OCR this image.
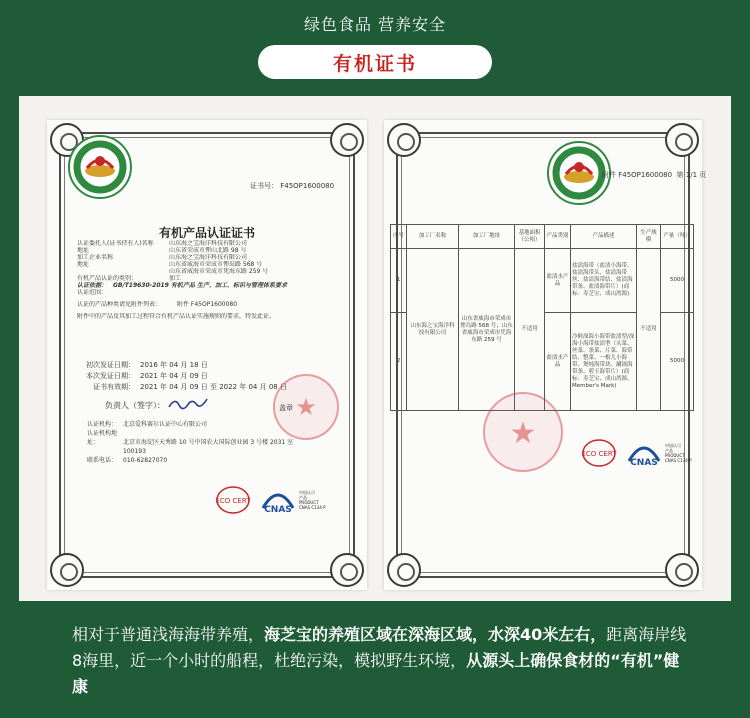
绿色食品 营养安全
有机证书
证书号： F45OP1600080
有机产品认证证书
认证委托人(证书持有人)名称	山东海之宝海洋科技有限公司
地址	山东省荣成市俚山北路 98 号
加工企业名称	山东海之宝海洋科技有限公司
地址	山东省威海市荣成市俚岛路 568 号
山东省威海市荣成市凭海东路 259 号
有机产品认证的类别：	加工
认证依据： GB/T19630-2019 有机产品 生产、加工、标识与管理体系要求
认证范围：
认证的产品种类请见附件列表：	附件 F45OP1600080
附件中的产品及其加工过程符合有机产品认证实施规则的要求，特发此证。
初次发证日期： 2016 年 04 月 18 日
本次发证日期： 2021 年 04 月 09 日
证书有效期： 2021 年 04 月 09 日 至 2022 年 04 月 08 日
★
负责人（签字）：	盖章
认证机构： 北京爱科赛尔认证中心有限公司
认证机构地址：	北京市海淀区天秀路 10 号中国农大国际创业园 3 号楼 2031 室
100193
联系电话： 010-62827070
ECO CERT
CNAS
中国认可
产品
PRODUCT
CNAS C134-P
附件 F45OP1600080 第 1/1 页
序号	加工厂名称	加工厂地址	基地面积（公顷）	产品类别	产品描述	生产规模	产量（吨）
1	山东海之宝海洋科技有限公司	山东省威海市荣成市俚岛路 568 号；山东省威海市荣成市凭海东路 259 号	不适用	盐渍水产品	盐渍海带（盐渍小海带、盐渍海带头、盐渍海带丝、盐渍海带结、盐渍海带条、盐渍海带片）(商标：寿芝宝、成山湾源)	不适用	5000
2				盐渍水产品	冷鲜深海小海带盐渍型/深海小海带盐渍型（头菜、丝菜、条菜、片菜、海带结、整菜、一根儿小海带、煲炖海带块、涮锅海带条、碧玉海带片）(商标：寿芝宝、成山湾源、Member's Mark)		5000
★
ECO CERT
CNAS
中国认可
产品
PRODUCT
CNAS C134-P
相对于普通浅海海带养殖，海芝宝的养殖区域在深海区域，水深40米左右，距离海岸线8海里，近一个小时的船程，杜绝污染，模拟野生环境，从源头上确保食材的“有机”健康
